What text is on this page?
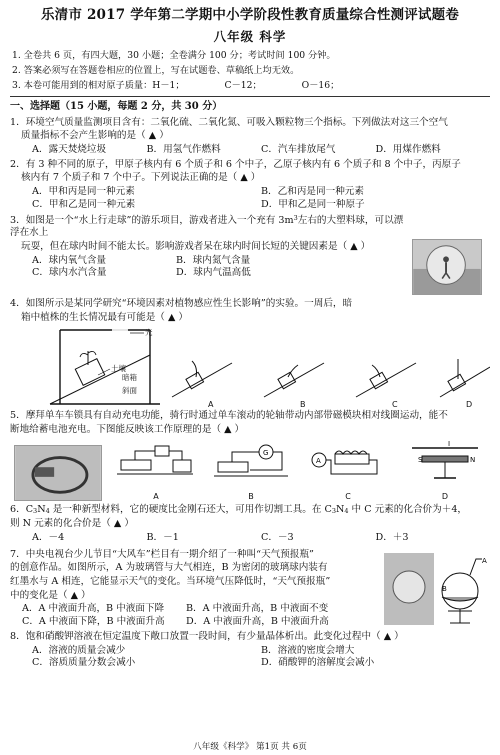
乐清市 2017 学年第二学期中小学阶段性教育质量综合性测评试题卷
八年级 科学
1. 全卷共 6 页，有四大题，30 小题；全卷满分 100 分；考试时间 100 分钟。
2. 答案必须写在答题卷相应的位置上，写在试题卷、草稿纸上均无效。
3. 本卷可能用到的相对原子质量：H－1；	C－12；	O－16；
一、选择题（15 小题，每题 2 分，共 30 分）

1．环境空气质量监测项目含有：二氧化硫、二氧化氮、可吸入颗粒物三个指标。下列做法对这三个空气

质量指标不会产生影响的是（ ▲ ）

A．露天焚烧垃圾	B．用氢气作燃料	C．汽车排放尾气	D．用煤作燃料

2．有 3 种不同的原子，甲原子核内有 6 个质子和 6 个中子，乙原子核内有 6 个质子和 8 个中子，丙原子

核内有 7 个质子和 7 个中子。下列说法正确的是（ ▲ ）

A．甲和丙是同一种元素	B．乙和丙是同一种元素
C．甲和乙是同一种元素	D．甲和乙是同一种原子

3．如图是一个“水上行走球”的游乐项目，游戏者进入一个充有 $3m^3$左右的大塑料球，可以漂浮在水上

玩耍，但在球内时间不能太长。影响游戏者呆在球内时间长短的关键因素是（ ▲ ）

A．球内氧气含量	B．球内氮气含量
C．球内水汽含量	D．球内气温高低

4．如图所示是某同学研究“环境因素对植物感应性生长影响”的实验。一周后，暗

箱中植株的生长情况最有可能是（ ▲ ）

光
土壤
暗箱
斜面
A	B	C	D

5．摩拜单车车锁具有自动充电功能，骑行时通过单车滚动的轮轴带动内部带磁模块相对线圈运动，能不

断地给蓄电池充电。下图能反映该工作原理的是（ ▲ ）

A
G
B
A
C
I
S	N
D

6．C3N4 是一种新型材料，它的硬度比金刚石还大，可用作切割工具。在 C3N4 中 C 元素的化合价为＋4，

则 N 元素的化合价是（ ▲ ）

A．－4	B．－1	C．－3	D．＋3

7．中央电视台少儿节目“大风车”栏目有一期介绍了一种叫“天气预报瓶”

的创意作品。如图所示，A 为玻璃管与大气相连，B 为密闭的玻璃球内装有

红墨水与 A 相连，它能显示天气的变化。当环境气压降低时，“天气预报瓶”

中的变化是（ ▲ ）

A．A 中液面升高，B 中液面下降	B．A 中液面升高，B 中液面不变
C．A 中液面下降，B 中液面升高	D．A 中液面升高，B 中液面升高
A
B

8．饱和硝酸钾溶液在恒定温度下敞口放置一段时间，有少量晶体析出。此变化过程中（ ▲ ）

A．溶液的质量会减少	B．溶液的密度会增大
C．溶质质量分数会减小	D．硝酸钾的溶解度会减小
八年级《科学》 第1页 共 6页
